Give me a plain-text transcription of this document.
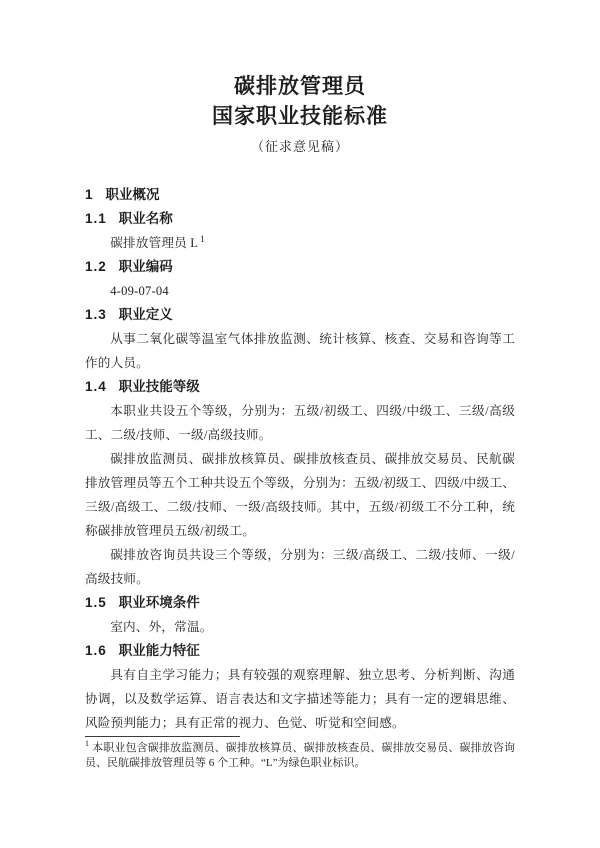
碳排放管理员
国家职业技能标准
（征求意见稿）
1 职业概况
1.1 职业名称

碳排放管理员 L $^1$

1.2 职业编码

4-09-07-04

1.3 职业定义

从事二氧化碳等温室气体排放监测、统计核算、核查、交易和咨询等工作的人员。

1.4 职业技能等级

本职业共设五个等级，分别为：五级/初级工、四级/中级工、三级/高级工、二级/技师、一级/高级技师。

碳排放监测员、碳排放核算员、碳排放核查员、碳排放交易员、民航碳排放管理员等五个工种共设五个等级，分别为：五级/初级工、四级/中级工、三级/高级工、二级/技师、一级/高级技师。其中，五级/初级工不分工种，统称碳排放管理员五级/初级工。

碳排放咨询员共设三个等级，分别为：三级/高级工、二级/技师、一级/高级技师。

1.5 职业环境条件

室内、外，常温。

1.6 职业能力特征

具有自主学习能力；具有较强的观察理解、独立思考、分析判断、沟通协调，以及数学运算、语言表达和文字描述等能力；具有一定的逻辑思维、风险预判能力；具有正常的视力、色觉、听觉和空间感。

$^1$ 本职业包含碳排放监测员、碳排放核算员、碳排放核查员、碳排放交易员、碳排放咨询员、民航碳排放管理员等 6 个工种。“L”为绿色职业标识。
